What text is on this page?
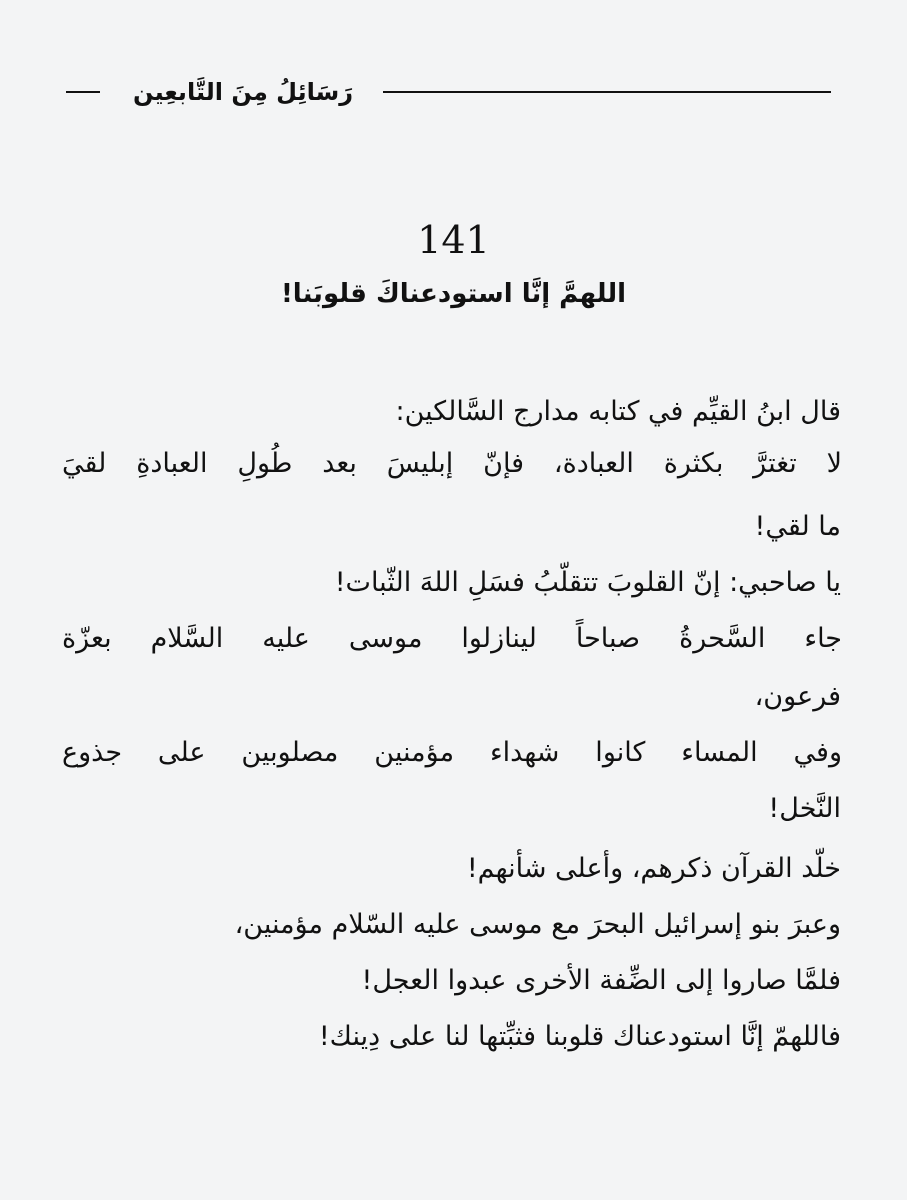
رَسَائِلُ مِنَ التَّابعِين
141
اللهمَّ إنَّا استودعناكَ قلوبَنا!

قال ابنُ القيِّم في كتابه مدارج السَّالكين:

لا تغترَّ بكثرة العبادة، فإنّ إبليسَ بعد طُولِ العبادةِ لقيَ

ما لقي!

يا صاحبي: إنّ القلوبَ تتقلّبُ فسَلِ اللهَ الثّبات!

جاء السَّحرةُ صباحاً لينازلوا موسى عليه السَّلام بعزّة

فرعون،

وفي المساء كانوا شهداء مؤمنين مصلوبين على جذوع

النَّخل!

خلّد القرآن ذكرهم، وأعلى شأنهم!

وعبرَ بنو إسرائيل البحرَ مع موسى عليه السّلام مؤمنين،

فلمَّا صاروا إلى الضِّفة الأخرى عبدوا العجل!

فاللهمّ إنَّا استودعناك قلوبنا فثبِّتها لنا على دِينك!
